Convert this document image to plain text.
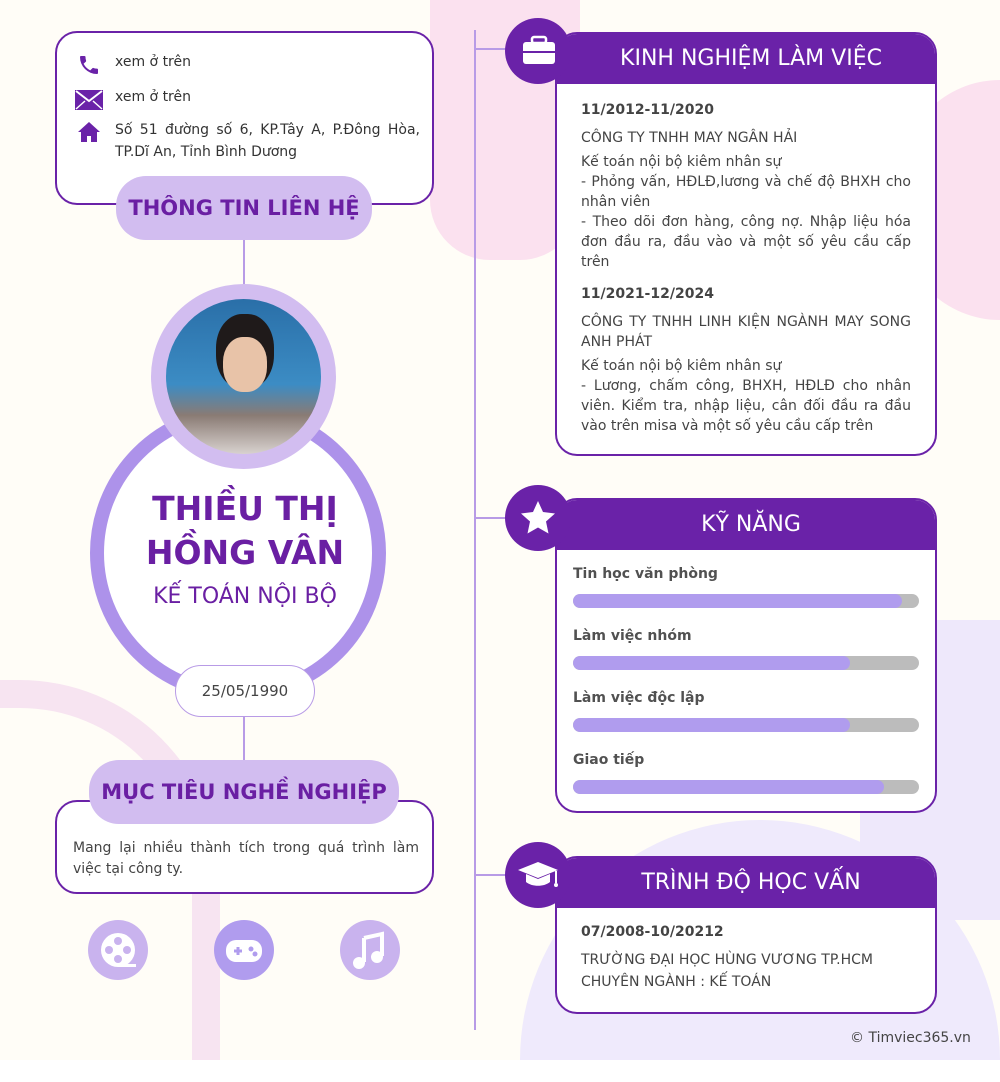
xem ở trên
xem ở trên
Số 51 đường số 6, KP.Tây A, P.Đông Hòa, TP.Dĩ An, Tỉnh Bình Dương
THÔNG TIN LIÊN HỆ
THIỀU THỊ HỒNG VÂN
KẾ TOÁN NỘI BỘ
25/05/1990
Mang lại nhiều thành tích trong quá trình làm việc tại công ty.
MỤC TIÊU NGHỀ NGHIỆP
KINH NGHIỆM LÀM VIỆC
11/2012-11/2020
CÔNG TY TNHH MAY NGÂN HẢI
Kế toán nội bộ kiêm nhân sự
- Phỏng vấn, HĐLĐ,lương và chế độ BHXH cho nhân viên
- Theo dõi đơn hàng, công nợ. Nhập liệu hóa đơn đầu ra, đầu vào và một số yêu cầu cấp trên
11/2021-12/2024
CÔNG TY TNHH LINH KIỆN NGÀNH MAY SONG ANH PHÁT
Kế toán nội bộ kiêm nhân sự
- Lương, chấm công, BHXH, HĐLĐ cho nhân viên. Kiểm tra, nhập liệu, cân đối đầu ra đầu vào trên misa và một số yêu cầu cấp trên
KỸ NĂNG
Tin học văn phòng
Làm việc nhóm
Làm việc độc lập
Giao tiếp
TRÌNH ĐỘ HỌC VẤN
07/2008-10/20212
TRƯỜNG ĐẠI HỌC HÙNG VƯƠNG TP.HCM
CHUYÊN NGÀNH : KẾ TOÁN
© Timviec365.vn
